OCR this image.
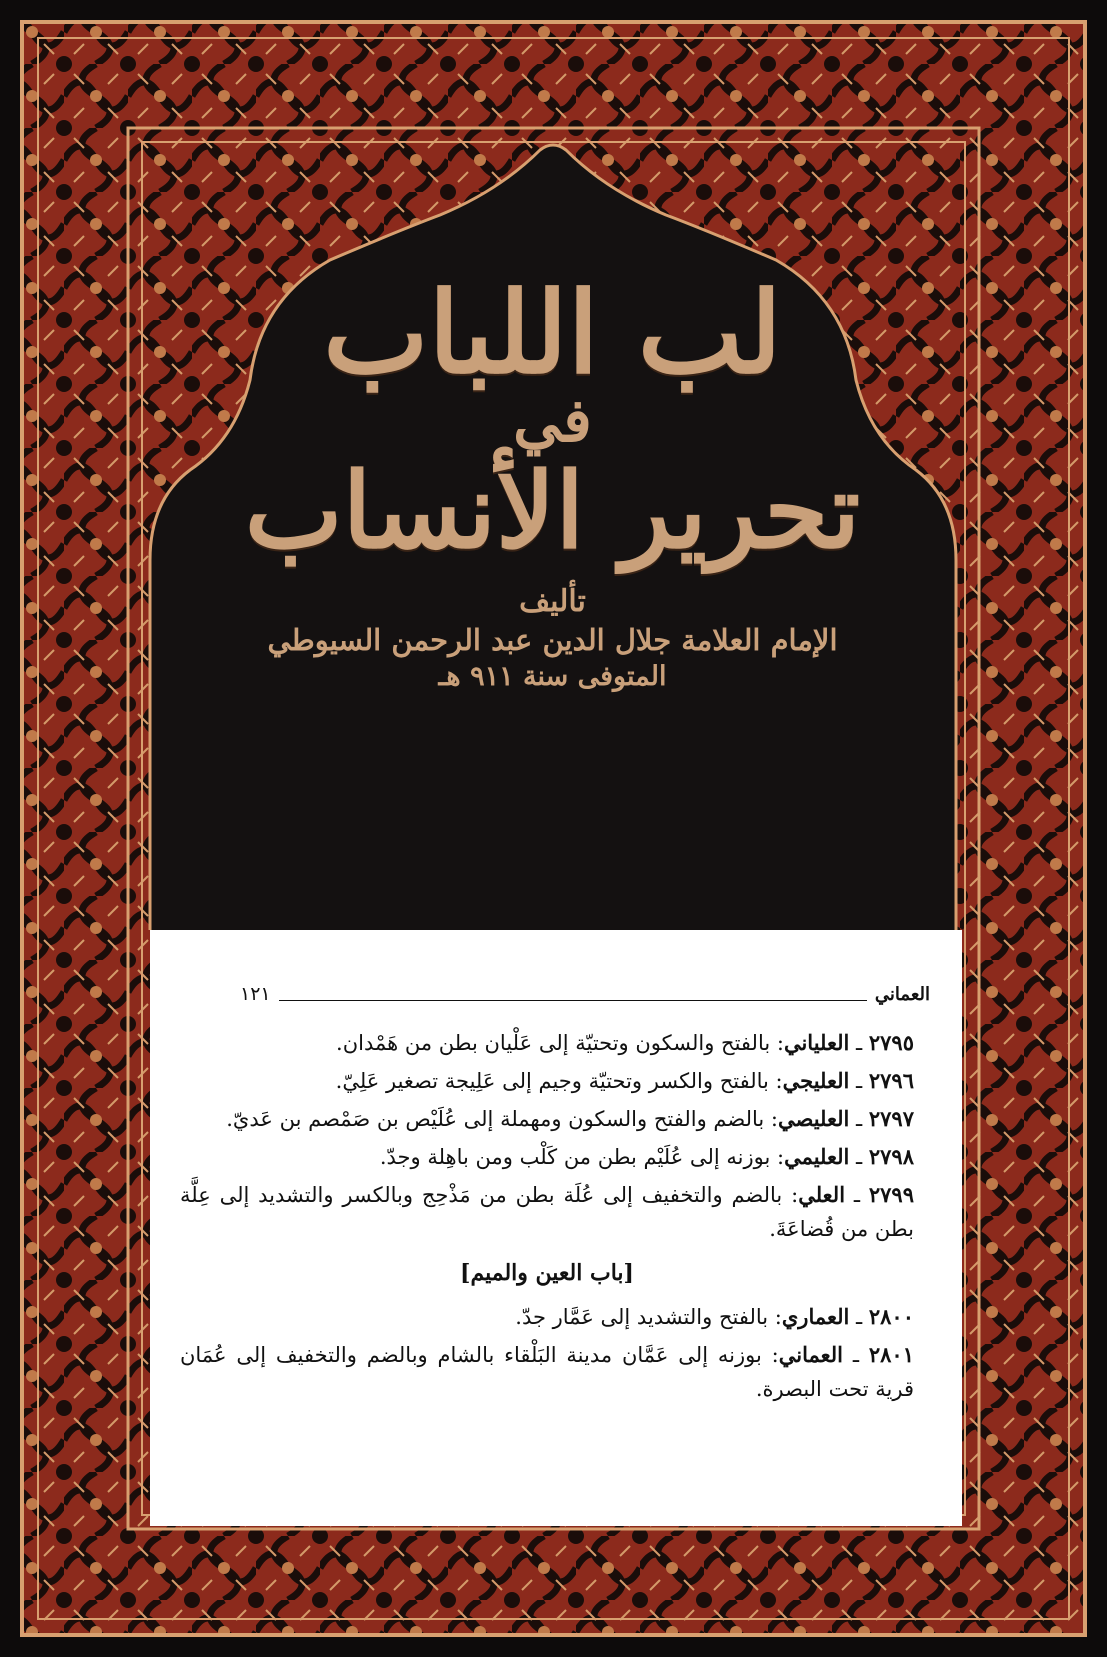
لب اللباب
في
تحرير الأنساب
تأليف
الإمام العلامة جلال الدين عبد الرحمن السيوطي
المتوفى سنة ٩١١ هـ
العماني
١٢١
٢٧٩٥ ـ العلياني: بالفتح والسكون وتحتيّة إلى عَلْيان بطن من هَمْدان.
٢٧٩٦ ـ العليجي: بالفتح والكسر وتحتيّة وجيم إلى عَلِيجة تصغير عَلِيّ.
٢٧٩٧ ـ العليصي: بالضم والفتح والسكون ومهملة إلى عُلَيْص بن صَمْصم بن عَديّ.
٢٧٩٨ ـ العليمي: بوزنه إلى عُلَيْم بطن من كَلْب ومن باهِلة وجدّ.
٢٧٩٩ ـ العلي: بالضم والتخفيف إلى عُلَة بطن من مَذْحِج وبالكسر والتشديد إلى عِلَّة بطن من قُضاعَةَ.
[باب العين والميم]
٢٨٠٠ ـ العماري: بالفتح والتشديد إلى عَمَّار جدّ.
٢٨٠١ ـ العماني: بوزنه إلى عَمَّان مدينة البَلْقاء بالشام وبالضم والتخفيف إلى عُمَان قرية تحت البصرة.
